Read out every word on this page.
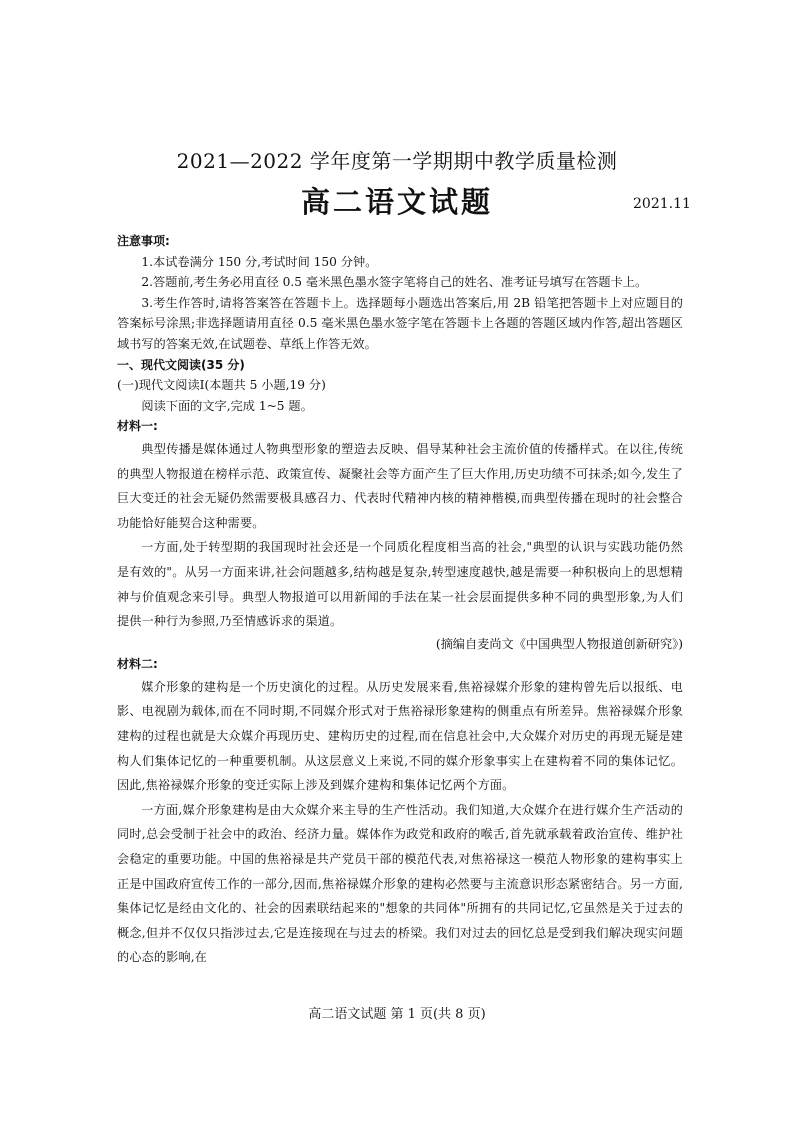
2021—2022 学年度第一学期期中教学质量检测
高二语文试题	2021.11

注意事项:

1.本试卷满分 150 分,考试时间 150 分钟。

2.答题前,考生务必用直径 0.5 毫米黑色墨水签字笔将自己的姓名、准考证号填写在答题卡上。

3.考生作答时,请将答案答在答题卡上。选择题每小题选出答案后,用 2B 铅笔把答题卡上对应题目的答案标号涂黑;非选择题请用直径 0.5 毫米黑色墨水签字笔在答题卡上各题的答题区域内作答,超出答题区域书写的答案无效,在试题卷、草纸上作答无效。

一、现代文阅读(35 分)

(一)现代文阅读Ⅰ(本题共 5 小题,19 分)

阅读下面的文字,完成 1~5 题。

材料一:

典型传播是媒体通过人物典型形象的塑造去反映、倡导某种社会主流价值的传播样式。在以往,传统的典型人物报道在榜样示范、政策宣传、凝聚社会等方面产生了巨大作用,历史功绩不可抹杀;如今,发生了巨大变迁的社会无疑仍然需要极具感召力、代表时代精神内核的精神楷模,而典型传播在现时的社会整合功能恰好能契合这种需要。

一方面,处于转型期的我国现时社会还是一个同质化程度相当高的社会,"典型的认识与实践功能仍然是有效的"。从另一方面来讲,社会问题越多,结构越是复杂,转型速度越快,越是需要一种积极向上的思想精神与价值观念来引导。典型人物报道可以用新闻的手法在某一社会层面提供多种不同的典型形象,为人们提供一种行为参照,乃至情感诉求的渠道。

(摘编自麦尚文《中国典型人物报道创新研究》)

材料二:

媒介形象的建构是一个历史演化的过程。从历史发展来看,焦裕禄媒介形象的建构曾先后以报纸、电影、电视剧为载体,而在不同时期,不同媒介形式对于焦裕禄形象建构的侧重点有所差异。焦裕禄媒介形象建构的过程也就是大众媒介再现历史、建构历史的过程,而在信息社会中,大众媒介对历史的再现无疑是建构人们集体记忆的一种重要机制。从这层意义上来说,不同的媒介形象事实上在建构着不同的集体记忆。因此,焦裕禄媒介形象的变迁实际上涉及到媒介建构和集体记忆两个方面。

一方面,媒介形象建构是由大众媒介来主导的生产性活动。我们知道,大众媒介在进行媒介生产活动的同时,总会受制于社会中的政治、经济力量。媒体作为政党和政府的喉舌,首先就承载着政治宣传、维护社会稳定的重要功能。中国的焦裕禄是共产党员干部的模范代表,对焦裕禄这一模范人物形象的建构事实上正是中国政府宣传工作的一部分,因而,焦裕禄媒介形象的建构必然要与主流意识形态紧密结合。另一方面,集体记忆是经由文化的、社会的因素联结起来的"想象的共同体"所拥有的共同记忆,它虽然是关于过去的概念,但并不仅仅只指涉过去,它是连接现在与过去的桥梁。我们对过去的回忆总是受到我们解决现实问题的心态的影响,在

高二语文试题 第 1 页(共 8 页)
